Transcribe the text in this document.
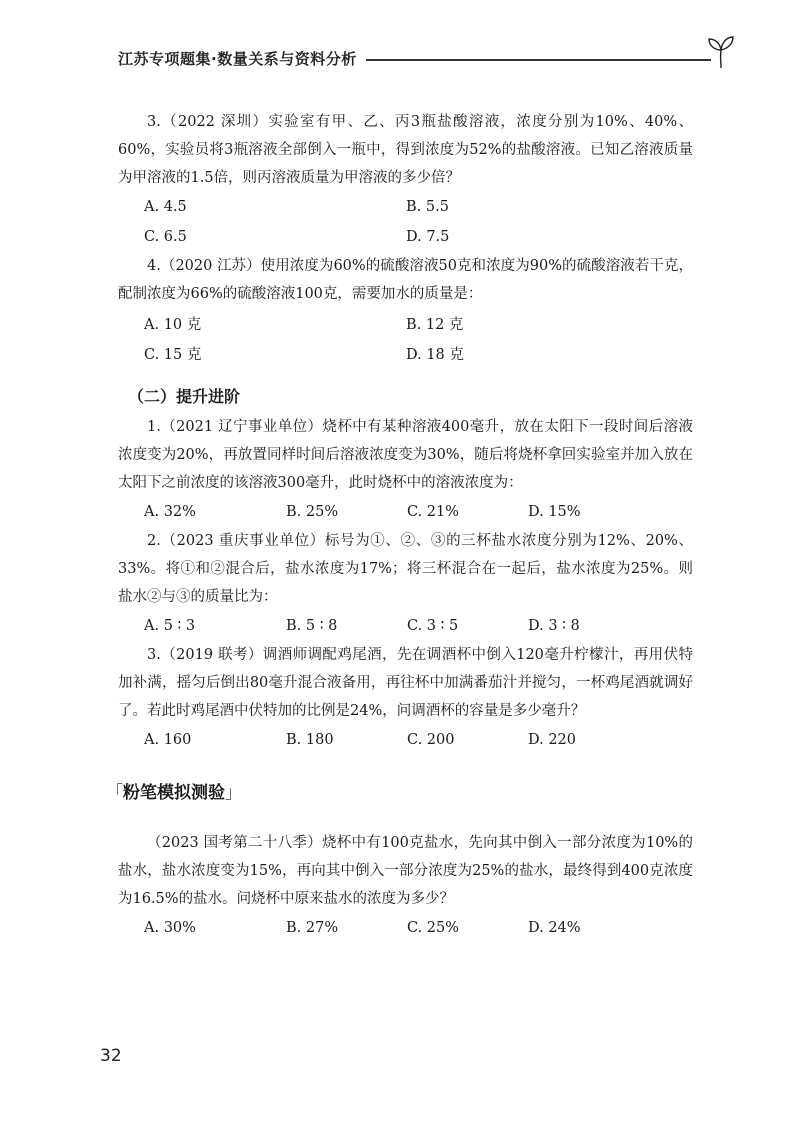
江苏专项题集·数量关系与资料分析

3.（2022 深圳）实验室有甲、乙、丙3瓶盐酸溶液，浓度分别为10%、40%、60%，实验员将3瓶溶液全部倒入一瓶中，得到浓度为52%的盐酸溶液。已知乙溶液质量为甲溶液的1.5倍，则丙溶液质量为甲溶液的多少倍？

A. 4.5	B. 5.5
C. 6.5	D. 7.5

4.（2020 江苏）使用浓度为60%的硫酸溶液50克和浓度为90%的硫酸溶液若干克，配制浓度为66%的硫酸溶液100克，需要加水的质量是：

A. 10 克	B. 12 克
C. 15 克	D. 18 克
（二）提升进阶

1.（2021 辽宁事业单位）烧杯中有某种溶液400毫升，放在太阳下一段时间后溶液浓度变为20%，再放置同样时间后溶液浓度变为30%，随后将烧杯拿回实验室并加入放在太阳下之前浓度的该溶液300毫升，此时烧杯中的溶液浓度为：

A. 32%	B. 25%	C. 21%	D. 15%

2.（2023 重庆事业单位）标号为①、②、③的三杯盐水浓度分别为12%、20%、33%。将①和②混合后，盐水浓度为17%；将三杯混合在一起后，盐水浓度为25%。则盐水②与③的质量比为：

A. 5 ∶ 3	B. 5 ∶ 8	C. 3 ∶ 5	D. 3 ∶ 8

3.（2019 联考）调酒师调配鸡尾酒，先在调酒杯中倒入120毫升柠檬汁，再用伏特加补满，摇匀后倒出80毫升混合液备用，再往杯中加满番茄汁并搅匀，一杯鸡尾酒就调好了。若此时鸡尾酒中伏特加的比例是24%，问调酒杯的容量是多少毫升？

A. 160	B. 180	C. 200	D. 220
「粉笔模拟测验」

（2023 国考第二十八季）烧杯中有100克盐水，先向其中倒入一部分浓度为10%的盐水，盐水浓度变为15%，再向其中倒入一部分浓度为25%的盐水，最终得到400克浓度为16.5%的盐水。问烧杯中原来盐水的浓度为多少？

A. 30%	B. 27%	C. 25%	D. 24%
32
